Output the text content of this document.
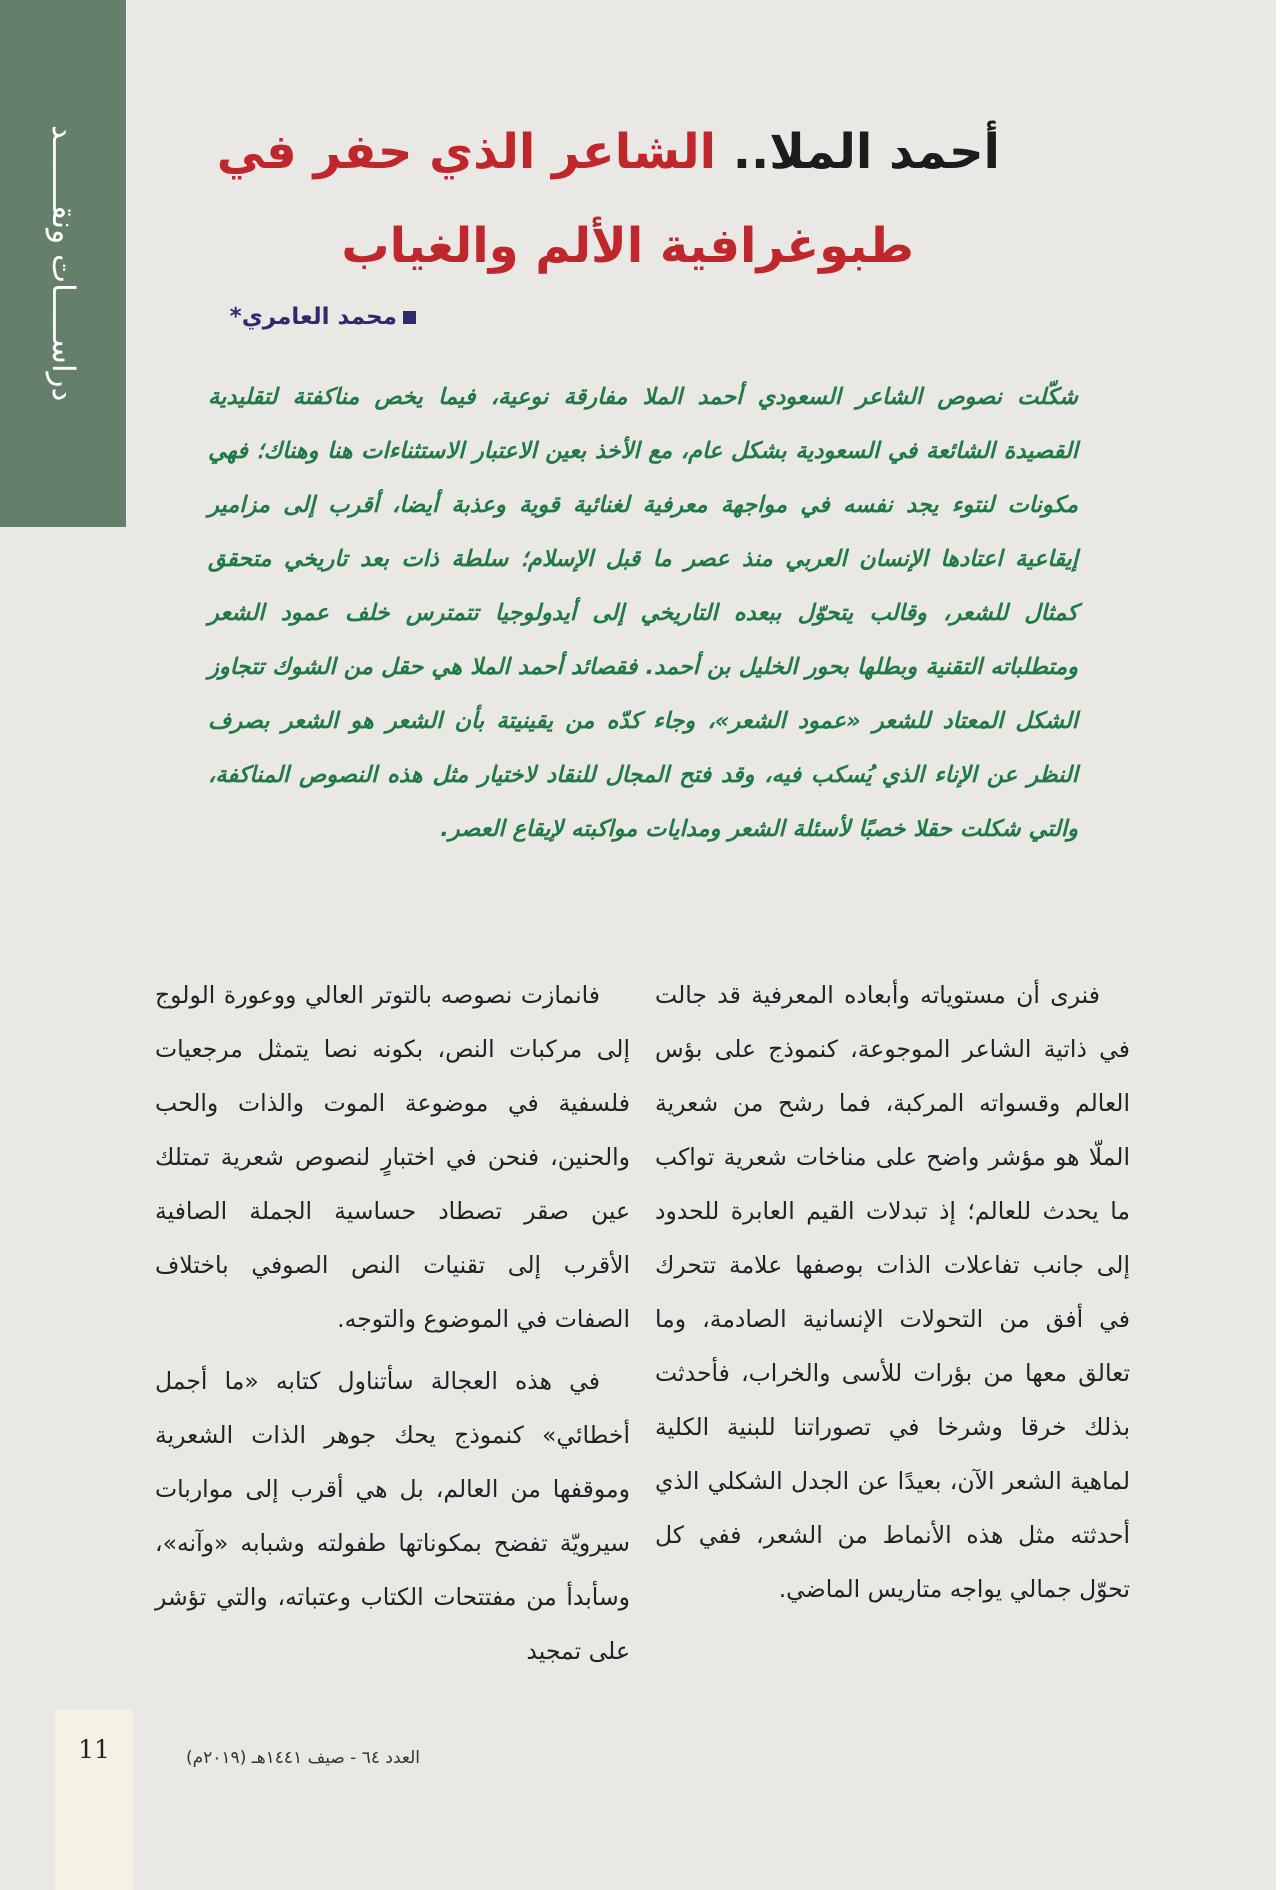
دراســـــات ونقـــــــد	أحمد الملا.. الشاعر الذي حفر في
طبوغرافية الألم والغياب
محمد العامري*
شكّلت نصوص الشاعر السعودي أحمد الملا مفارقة نوعية، فيما يخص مناكفتة لتقليدية القصيدة الشائعة في السعودية بشكل عام، مع الأخذ بعين الاعتبار الاستثناءات هنا وهناك؛ فهي مكونات لنتوء يجد نفسه في مواجهة معرفية لغنائية قوية وعذبة أيضا، أقرب إلى مزامير إيقاعية اعتادها الإنسان العربي منذ عصر ما قبل الإسلام؛ سلطة ذات بعد تاريخي متحقق كمثال للشعر، وقالب يتحوّل ببعده التاريخي إلى أيدولوجيا تتمترس خلف عمود الشعر ومتطلباته التقنية وبطلها بحور الخليل بن أحمد. فقصائد أحمد الملا هي حقل من الشوك تتجاوز الشكل المعتاد للشعر «عمود الشعر»، وجاء كدّه من يقينيتة بأن الشعر هو الشعر بصرف النظر عن الإناء الذي يُسكب فيه، وقد فتح المجال للنقاد لاختيار مثل هذه النصوص المناكفة، والتي شكلت حقلا خصبًا لأسئلة الشعر ومدايات مواكبته لإيقاع العصر.

فنرى أن مستوياته وأبعاده المعرفية قد جالت في ذاتية الشاعر الموجوعة، كنموذج على بؤس العالم وقسواته المركبة، فما رشح من شعرية الملّا هو مؤشر واضح على مناخات شعرية تواكب ما يحدث للعالم؛ إذ تبدلات القيم العابرة للحدود إلى جانب تفاعلات الذات بوصفها علامة تتحرك في أفق من التحولات الإنسانية الصادمة، وما تعالق معها من بؤرات للأسى والخراب، فأحدثت بذلك خرقا وشرخا في تصوراتنا للبنية الكلية لماهية الشعر الآن، بعيدًا عن الجدل الشكلي الذي أحدثته مثل هذه الأنماط من الشعر، ففي كل تحوّل جمالي يواجه متاريس الماضي.

فانمازت نصوصه بالتوتر العالي ووعورة الولوج إلى مركبات النص، بكونه نصا يتمثل مرجعيات فلسفية في موضوعة الموت والذات والحب والحنين، فنحن في اختبارٍ لنصوص شعرية تمتلك عين صقر تصطاد حساسية الجملة الصافية الأقرب إلى تقنيات النص الصوفي باختلاف الصفات في الموضوع والتوجه.

في هذه العجالة سأتناول كتابه «ما أجمل أخطائي» كنموذج يحك جوهر الذات الشعرية وموقفها من العالم، بل هي أقرب إلى مواربات سيرويّة تفضح بمكوناتها طفولته وشبابه «وآنه»، وسأبدأ من مفتتحات الكتاب وعتباته، والتي تؤشر على تمجيد

11	العدد ٦٤ - صيف ١٤٤١هـ (٢٠١٩م)
